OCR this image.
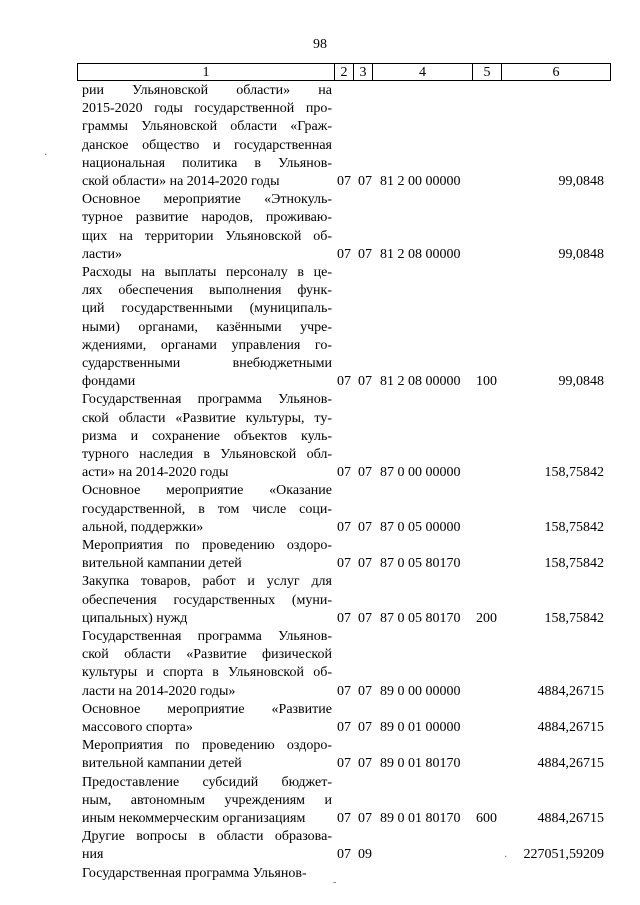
98
1	2	3	4	5	6
рии Ульяновской области» на
2015-2020 годы государственной про-
граммы Ульяновской области «Граж-
данское общество и государственная
национальная политика в Ульянов-
ской области» на 2014-2020 годы	07 07 81 2 00 00000	99,0848
Основное мероприятие «Этнокуль-
турное развитие народов, проживаю-
щих на территории Ульяновской об-
ласти»	07 07 81 2 08 00000	99,0848
Расходы на выплаты персоналу в це-
лях обеспечения выполнения функ-
ций государственными (муниципаль-
ными) органами, казёнными учре-
ждениями, органами управления го-
сударственными внебюджетными
фондами	07 07 81 2 08 00000 100	99,0848
Государственная программа Ульянов-
ской области «Развитие культуры, ту-
ризма и сохранение объектов куль-
турного наследия в Ульяновской обл-
асти» на 2014-2020 годы	07 07 87 0 00 00000	158,75842
Основное мероприятие «Оказание
государственной, в том числе соци-
альной, поддержки»	07 07 87 0 05 00000	158,75842
Мероприятия по проведению оздоро-
вительной кампании детей	07 07 87 0 05 80170	158,75842
Закупка товаров, работ и услуг для
обеспечения государственных (муни-
ципальных) нужд	07 07 87 0 05 80170 200	158,75842
Государственная программа Ульянов-
ской области «Развитие физической
культуры и спорта в Ульяновской об-
ласти на 2014-2020 годы»	07 07 89 0 00 00000	4884,26715
Основное мероприятие «Развитие
массового спорта»	07 07 89 0 01 00000	4884,26715
Мероприятия по проведению оздоро-
вительной кампании детей	07 07 89 0 01 80170	4884,26715
Предоставление субсидий бюджет-
ным, автономным учреждениям и
иным некоммерческим организациям	07 07 89 0 01 80170 600	4884,26715
Другие вопросы в области образова-
ния	07 09	227051,59209
Государственная программа Ульянов-
·
-
·
